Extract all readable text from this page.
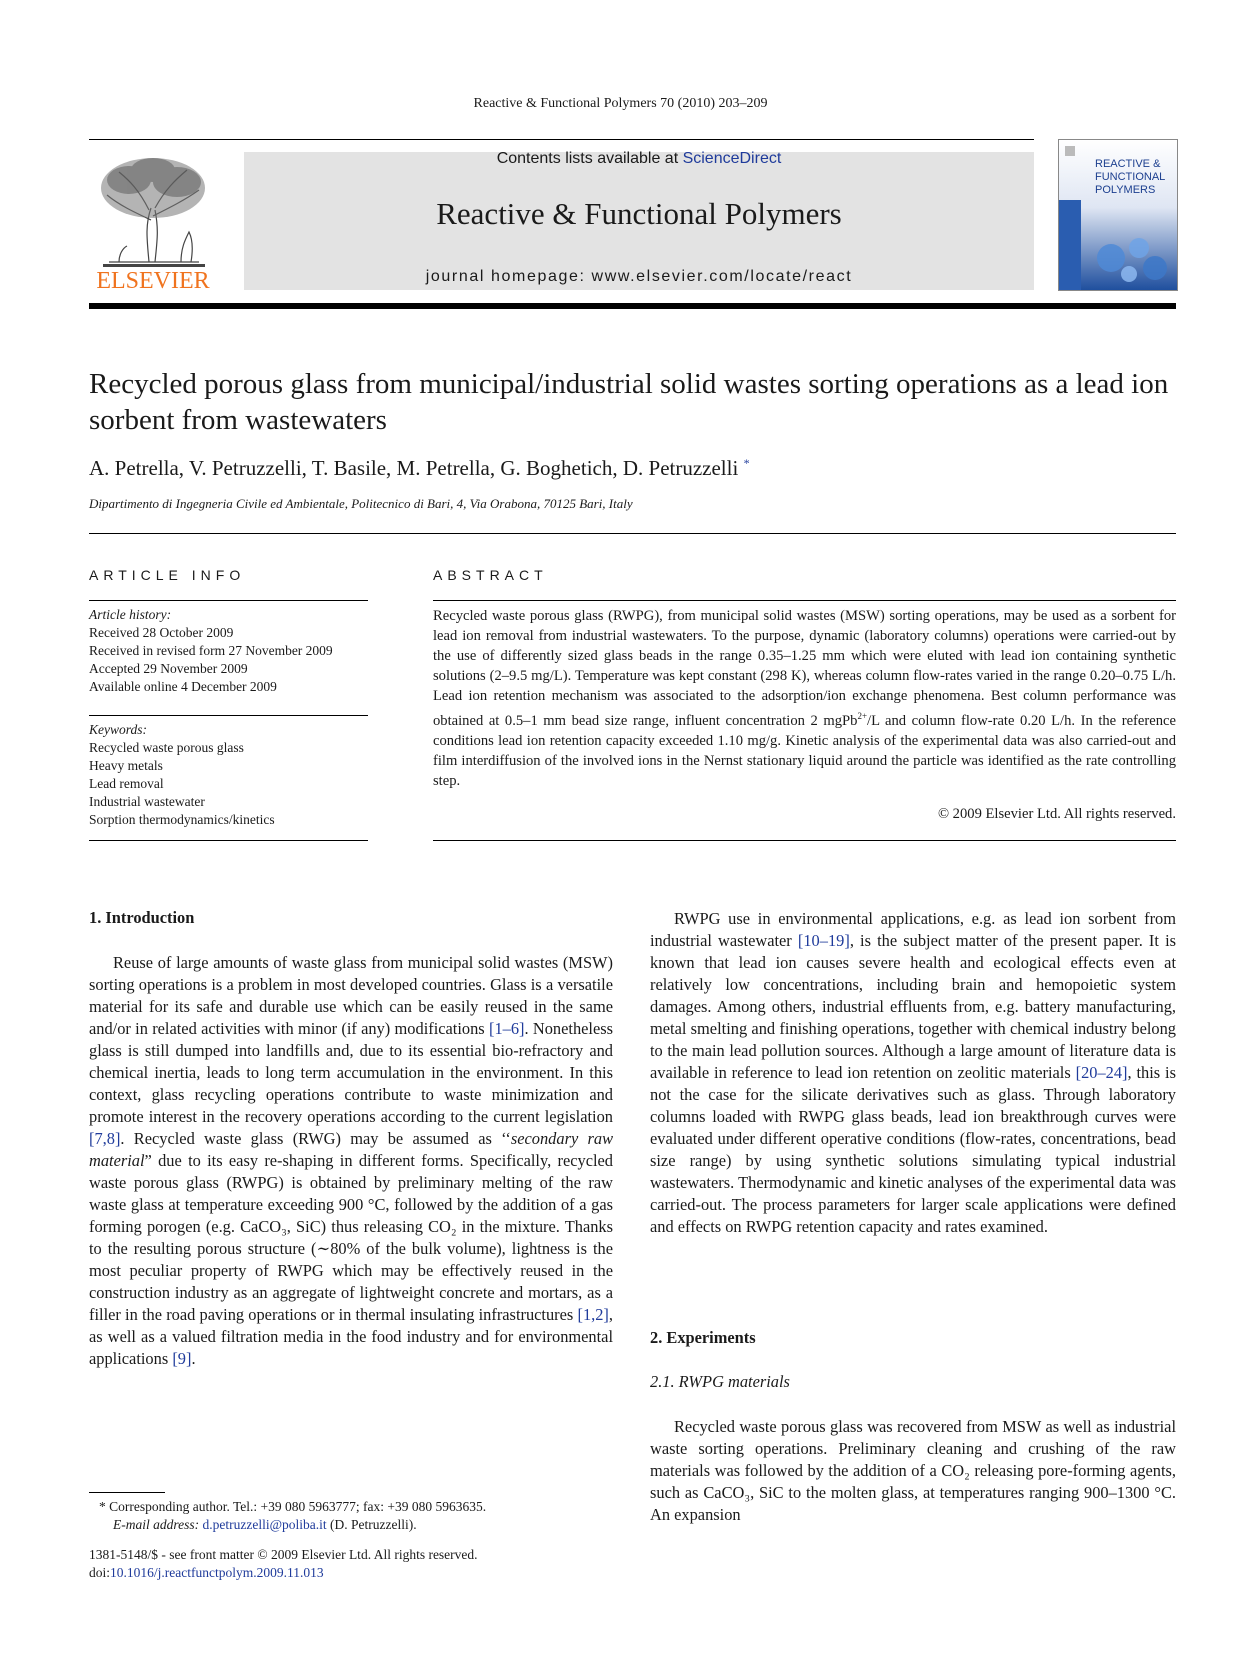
Reactive & Functional Polymers 70 (2010) 203–209
Contents lists available at ScienceDirect
Reactive & Functional Polymers
journal homepage: www.elsevier.com/locate/react
ELSEVIER
REACTIVE &
FUNCTIONAL
POLYMERS
Recycled porous glass from municipal/industrial solid wastes sorting operations as a lead ion sorbent from wastewaters
A. Petrella, V. Petruzzelli, T. Basile, M. Petrella, G. Boghetich, D. Petruzzelli *
Dipartimento di Ingegneria Civile ed Ambientale, Politecnico di Bari, 4, Via Orabona, 70125 Bari, Italy
ARTICLE INFO
Article history:
Received 28 October 2009
Received in revised form 27 November 2009
Accepted 29 November 2009
Available online 4 December 2009
Keywords:
Recycled waste porous glass
Heavy metals
Lead removal
Industrial wastewater
Sorption thermodynamics/kinetics
ABSTRACT
Recycled waste porous glass (RWPG), from municipal solid wastes (MSW) sorting operations, may be used as a sorbent for lead ion removal from industrial wastewaters. To the purpose, dynamic (laboratory columns) operations were carried-out by the use of differently sized glass beads in the range 0.35–1.25 mm which were eluted with lead ion containing synthetic solutions (2–9.5 mg/L). Temperature was kept constant (298 K), whereas column flow-rates varied in the range 0.20–0.75 L/h. Lead ion retention mechanism was associated to the adsorption/ion exchange phenomena. Best column performance was obtained at 0.5–1 mm bead size range, influent concentration 2 mgPb$^{2+}$/L and column flow-rate 0.20 L/h. In the reference conditions lead ion retention capacity exceeded 1.10 mg/g. Kinetic analysis of the experimental data was also carried-out and film interdiffusion of the involved ions in the Nernst stationary liquid around the particle was identified as the rate controlling step.
© 2009 Elsevier Ltd. All rights reserved.
1. Introduction

Reuse of large amounts of waste glass from municipal solid wastes (MSW) sorting operations is a problem in most developed countries. Glass is a versatile material for its safe and durable use which can be easily reused in the same and/or in related activities with minor (if any) modifications [1–6]. Nonetheless glass is still dumped into landfills and, due to its essential bio-refractory and chemical inertia, leads to long term accumulation in the environment. In this context, glass recycling operations contribute to waste minimization and promote interest in the recovery operations according to the current legislation [7,8]. Recycled waste glass (RWG) may be assumed as ‘‘secondary raw material” due to its easy re-shaping in different forms. Specifically, recycled waste porous glass (RWPG) is obtained by preliminary melting of the raw waste glass at temperature exceeding 900 °C, followed by the addition of a gas forming porogen (e.g. CaCO₃, SiC) thus releasing CO₂ in the mixture. Thanks to the resulting porous structure (∼80% of the bulk volume), lightness is the most peculiar property of RWPG which may be effectively reused in the construction industry as an aggregate of lightweight concrete and mortars, as a filler in the road paving operations or in thermal insulating infrastructures [1,2], as well as a valued filtration media in the food industry and for environmental applications [9].

RWPG use in environmental applications, e.g. as lead ion sorbent from industrial wastewater [10–19], is the subject matter of the present paper. It is known that lead ion causes severe health and ecological effects even at relatively low concentrations, including brain and hemopoietic system damages. Among others, industrial effluents from, e.g. battery manufacturing, metal smelting and finishing operations, together with chemical industry belong to the main lead pollution sources. Although a large amount of literature data is available in reference to lead ion retention on zeolitic materials [20–24], this is not the case for the silicate derivatives such as glass. Through laboratory columns loaded with RWPG glass beads, lead ion breakthrough curves were evaluated under different operative conditions (flow-rates, concentrations, bead size range) by using synthetic solutions simulating typical industrial wastewaters. Thermodynamic and kinetic analyses of the experimental data was carried-out. The process parameters for larger scale applications were defined and effects on RWPG retention capacity and rates examined.

2. Experiments
2.1. RWPG materials

Recycled waste porous glass was recovered from MSW as well as industrial waste sorting operations. Preliminary cleaning and crushing of the raw materials was followed by the addition of a CO₂ releasing pore-forming agents, such as CaCO₃, SiC to the molten glass, at temperatures ranging 900–1300 °C. An expansion

* Corresponding author. Tel.: +39 080 5963777; fax: +39 080 5963635.
E-mail address: d.petruzzelli@poliba.it (D. Petruzzelli).
1381-5148/$ - see front matter © 2009 Elsevier Ltd. All rights reserved.
doi:10.1016/j.reactfunctpolym.2009.11.013
